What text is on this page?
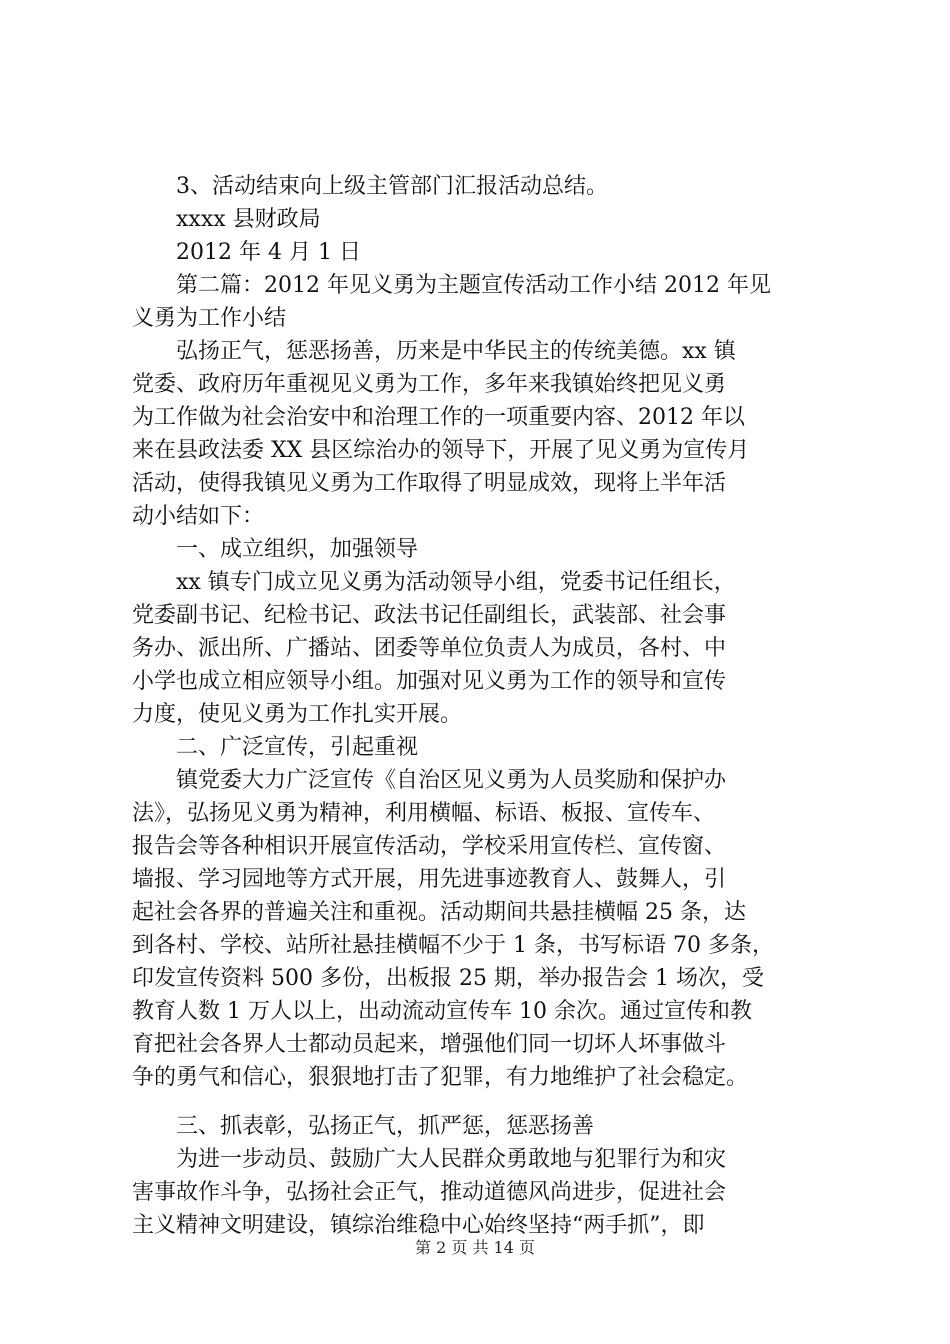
3、活动结束向上级主管部门汇报活动总结。
xxxx 县财政局
2012 年 4 月 1 日
第二篇：2012 年见义勇为主题宣传活动工作小结 2012 年见
义勇为工作小结
弘扬正气，惩恶扬善，历来是中华民主的传统美德。xx 镇
党委、政府历年重视见义勇为工作，多年来我镇始终把见义勇
为工作做为社会治安中和治理工作的一项重要内容、2012 年以
来在县政法委 XX 县区综治办的领导下，开展了见义勇为宣传月
活动，使得我镇见义勇为工作取得了明显成效，现将上半年活
动小结如下：
一、成立组织，加强领导
xx 镇专门成立见义勇为活动领导小组，党委书记任组长，
党委副书记、纪检书记、政法书记任副组长，武装部、社会事
务办、派出所、广播站、团委等单位负责人为成员，各村、中
小学也成立相应领导小组。加强对见义勇为工作的领导和宣传
力度，使见义勇为工作扎实开展。
二、广泛宣传，引起重视
镇党委大力广泛宣传《自治区见义勇为人员奖励和保护办
法》，弘扬见义勇为精神，利用横幅、标语、板报、宣传车、
报告会等各种相识开展宣传活动，学校采用宣传栏、宣传窗、
墙报、学习园地等方式开展，用先进事迹教育人、鼓舞人，引
起社会各界的普遍关注和重视。活动期间共悬挂横幅 25 条，达
到各村、学校、站所社悬挂横幅不少于 1 条，书写标语 70 多条，
印发宣传资料 500 多份，出板报 25 期，举办报告会 1 场次，受
教育人数 1 万人以上，出动流动宣传车 10 余次。通过宣传和教
育把社会各界人士都动员起来，增强他们同一切坏人坏事做斗
争的勇气和信心，狠狠地打击了犯罪，有力地维护了社会稳定。
三、抓表彰，弘扬正气，抓严惩，惩恶扬善
为进一步动员、鼓励广大人民群众勇敢地与犯罪行为和灾
害事故作斗争，弘扬社会正气，推动道德风尚进步，促进社会
主义精神文明建设，镇综治维稳中心始终坚持“两手抓”，即
第 2 页 共 14 页
